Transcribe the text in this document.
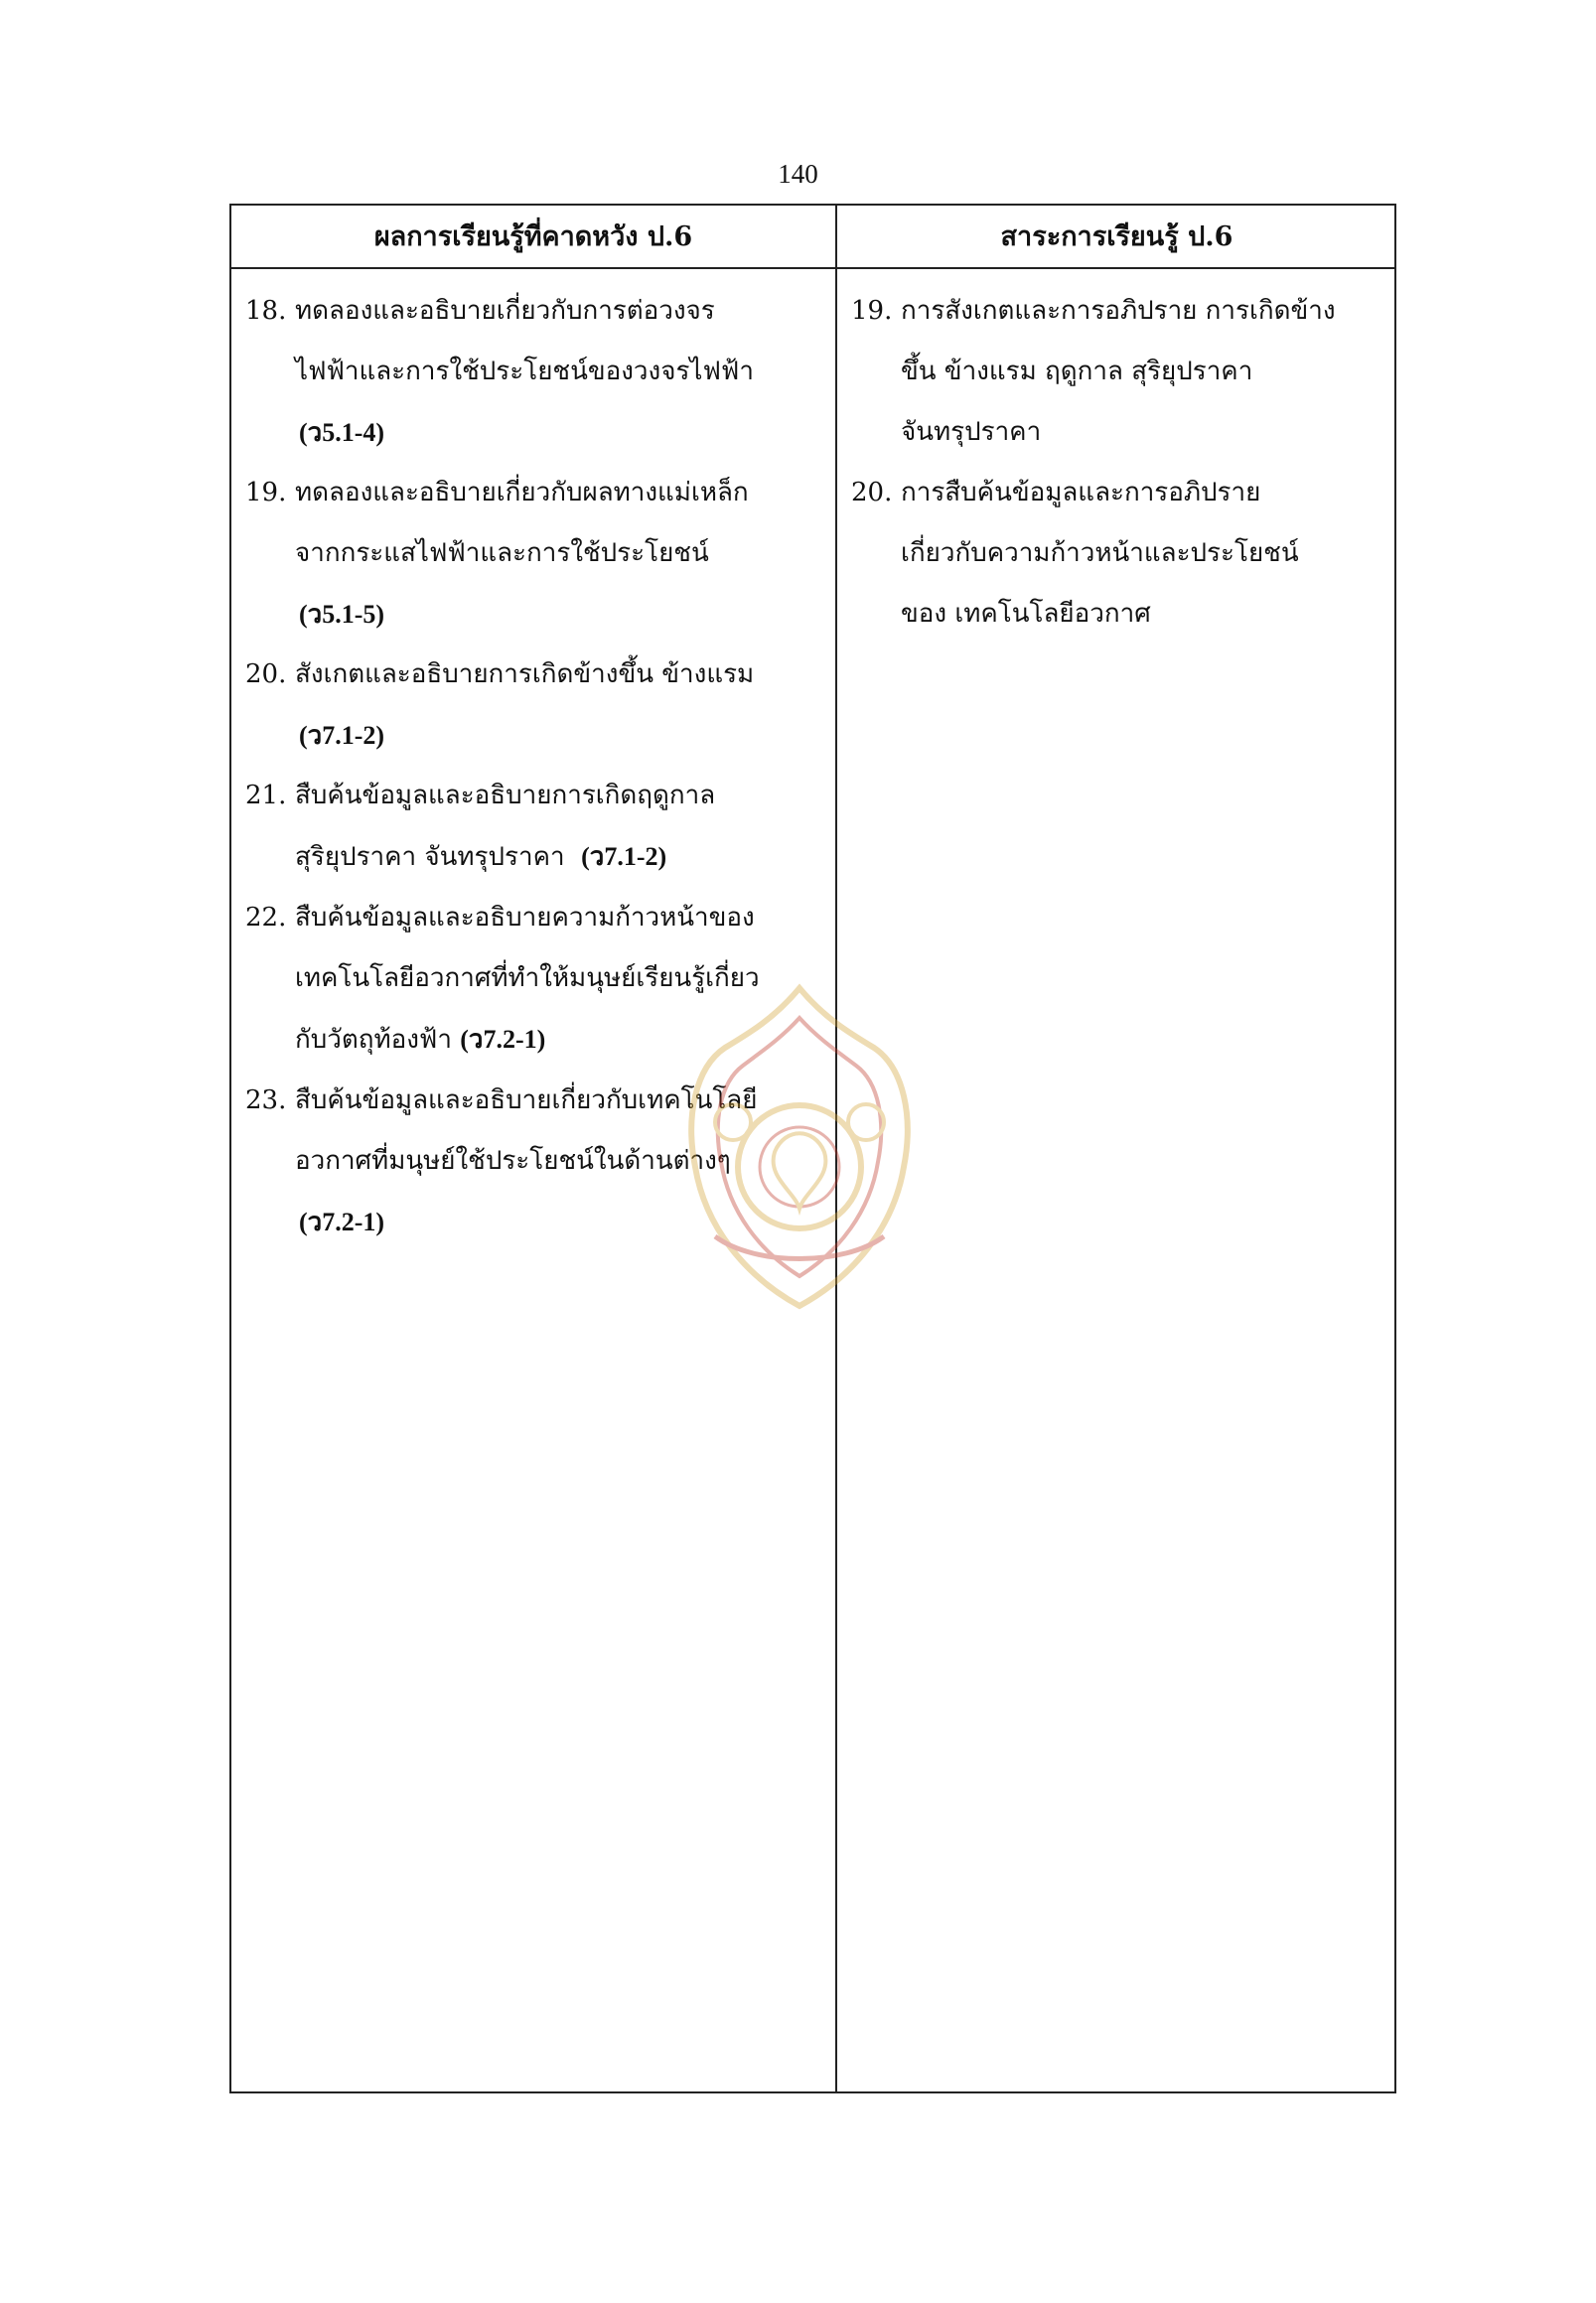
140
ผลการเรียนรู้ที่คาดหวัง ป.6	สาระการเรียนรู้ ป.6
18. ทดลองและอธิบายเกี่ยวกับการต่อวงจร
ไฟฟ้าและการใช้ประโยชน์ของวงจรไฟฟ้า
(ว5.1-4)
19. ทดลองและอธิบายเกี่ยวกับผลทางแม่เหล็ก
จากกระแสไฟฟ้าและการใช้ประโยชน์
(ว5.1-5)
20. สังเกตและอธิบายการเกิดข้างขึ้น ข้างแรม
(ว7.1-2)
21. สืบค้นข้อมูลและอธิบายการเกิดฤดูกาล
สุริยุปราคา จันทรุปราคา (ว7.1-2)
22. สืบค้นข้อมูลและอธิบายความก้าวหน้าของ
เทคโนโลยีอวกาศที่ทำให้มนุษย์เรียนรู้เกี่ยว
กับวัตถุท้องฟ้า (ว7.2-1)
23. สืบค้นข้อมูลและอธิบายเกี่ยวกับเทคโนโลยี
อวกาศที่มนุษย์ใช้ประโยชน์ในด้านต่างๆ
(ว7.2-1)
19. การสังเกตและการอภิปราย การเกิดข้าง
ขึ้น ข้างแรม ฤดูกาล สุริยุปราคา
จันทรุปราคา
20. การสืบค้นข้อมูลและการอภิปราย
เกี่ยวกับความก้าวหน้าและประโยชน์
ของ เทคโนโลยีอวกาศ
